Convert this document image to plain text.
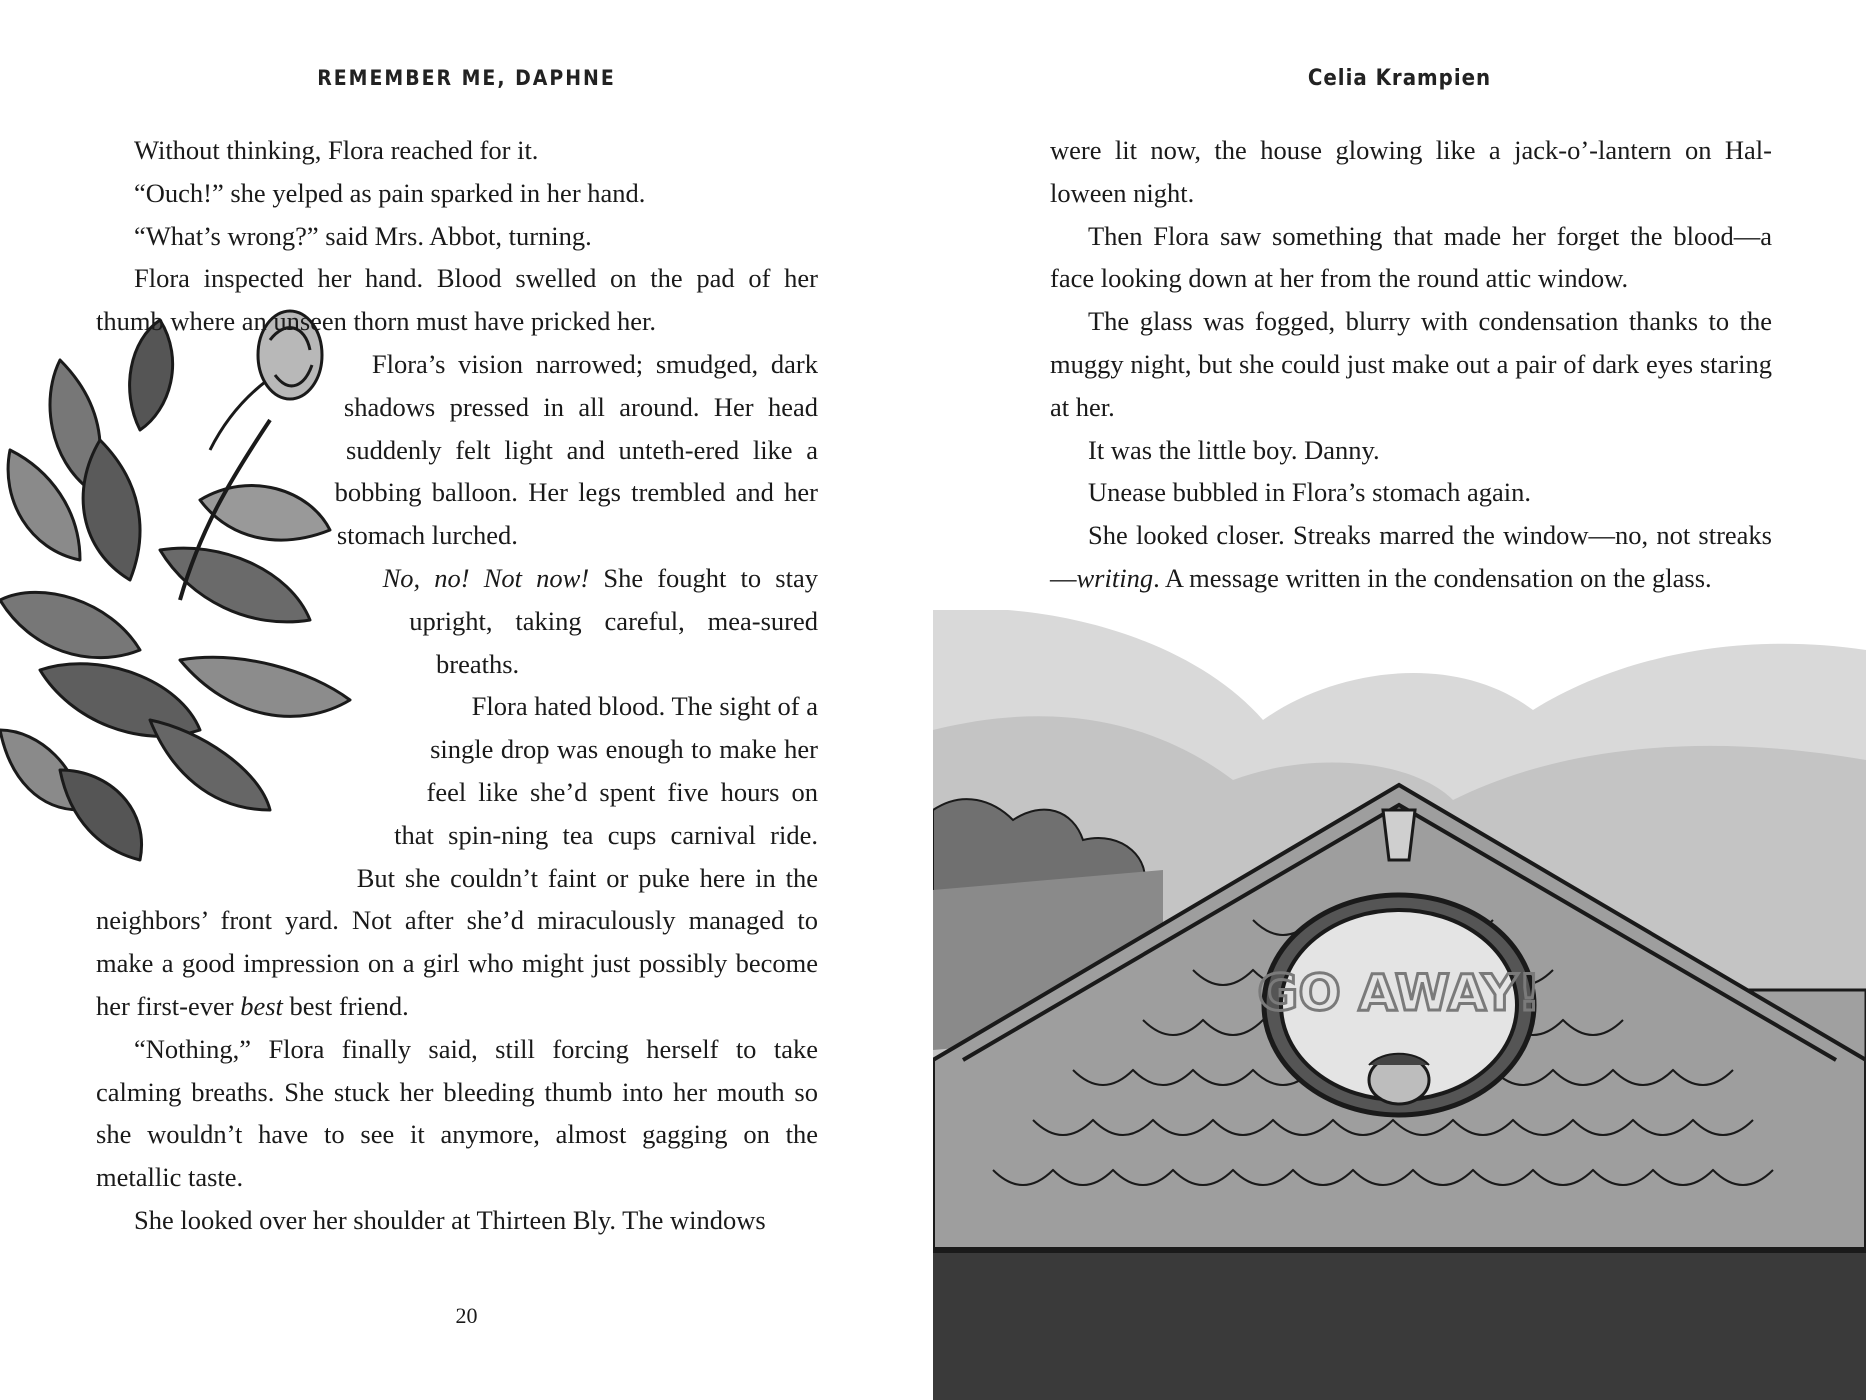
REMEMBER ME, DAPHNE

Without thinking, Flora reached for it.

“Ouch!” she yelped as pain sparked in her hand.

“What’s wrong?” said Mrs. Abbot, turning.

Flora inspected her hand. Blood swelled on the pad of her thumb where an unseen thorn must have pricked her.

Flora’s vision narrowed; smudged, dark shadows pressed in all around. Her head suddenly felt light and unteth-ered like a bobbing balloon. Her legs trembled and her stomach lurched.

No, no! Not now! She fought to stay upright, taking careful, mea-sured breaths.

Flora hated blood. The sight of a single drop was enough to make her feel like she’d spent five hours on that spin-ning tea cups carnival ride. But she couldn’t faint or puke here in the neighbors’ front yard. Not after she’d miraculously managed to make a good impression on a girl who might just possibly become her first-ever best best friend.

“Nothing,” Flora finally said, still forcing herself to take calming breaths. She stuck her bleeding thumb into her mouth so she wouldn’t have to see it anymore, almost gagging on the metallic taste.

She looked over her shoulder at Thirteen Bly. The windows

20
Celia Krampien

were lit now, the house glowing like a jack-o’-lantern on Hal-loween night.

Then Flora saw something that made her forget the blood—a face looking down at her from the round attic window.

The glass was fogged, blurry with condensation thanks to the muggy night, but she could just make out a pair of dark eyes staring at her.

It was the little boy. Danny.

Unease bubbled in Flora’s stomach again.

She looked closer. Streaks marred the window—no, not streaks—writing. A message written in the condensation on the glass.

GO AWAY!
